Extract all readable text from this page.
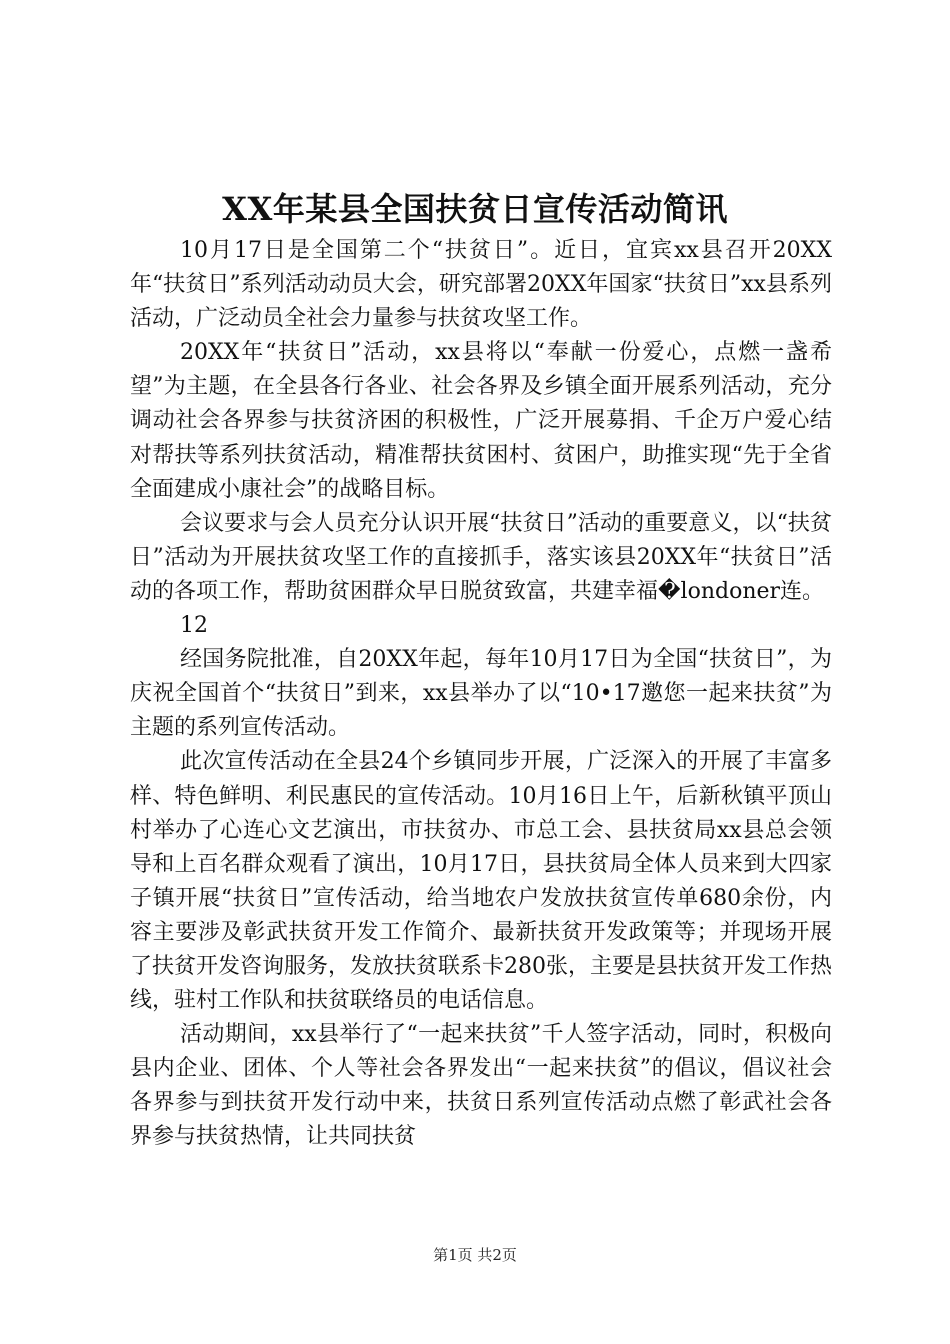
XX年某县全国扶贫日宣传活动简讯

10月17日是全国第二个“扶贫日”。近日，宜宾xx县召开20XX年“扶贫日”系列活动动员大会，研究部署20XX年国家“扶贫日”xx县系列活动，广泛动员全社会力量参与扶贫攻坚工作。

20XX年“扶贫日”活动，xx县将以“奉献一份爱心，点燃一盏希望”为主题，在全县各行各业、社会各界及乡镇全面开展系列活动，充分调动社会各界参与扶贫济困的积极性，广泛开展募捐、千企万户爱心结对帮扶等系列扶贫活动，精准帮扶贫困村、贫困户，助推实现“先于全省全面建成小康社会”的战略目标。

会议要求与会人员充分认识开展“扶贫日”活动的重要意义，以“扶贫日”活动为开展扶贫攻坚工作的直接抓手，落实该县20XX年“扶贫日”活动的各项工作，帮助贫困群众早日脱贫致富，共建幸福�londoner连。

12

经国务院批准，自20XX年起，每年10月17日为全国“扶贫日”，为庆祝全国首个“扶贫日”到来，xx县举办了以“10•17邀您一起来扶贫”为主题的系列宣传活动。

此次宣传活动在全县24个乡镇同步开展，广泛深入的开展了丰富多样、特色鲜明、利民惠民的宣传活动。10月16日上午，后新秋镇平顶山村举办了心连心文艺演出，市扶贫办、市总工会、县扶贫局xx县总会领导和上百名群众观看了演出，10月17日，县扶贫局全体人员来到大四家子镇开展“扶贫日”宣传活动，给当地农户发放扶贫宣传单680余份，内容主要涉及彰武扶贫开发工作简介、最新扶贫开发政策等；并现场开展了扶贫开发咨询服务，发放扶贫联系卡280张，主要是县扶贫开发工作热线，驻村工作队和扶贫联络员的电话信息。

活动期间，xx县举行了“一起来扶贫”千人签字活动，同时，积极向县内企业、团体、个人等社会各界发出“一起来扶贫”的倡议，倡议社会各界参与到扶贫开发行动中来，扶贫日系列宣传活动点燃了彰武社会各界参与扶贫热情，让共同扶贫

第1页 共2页
